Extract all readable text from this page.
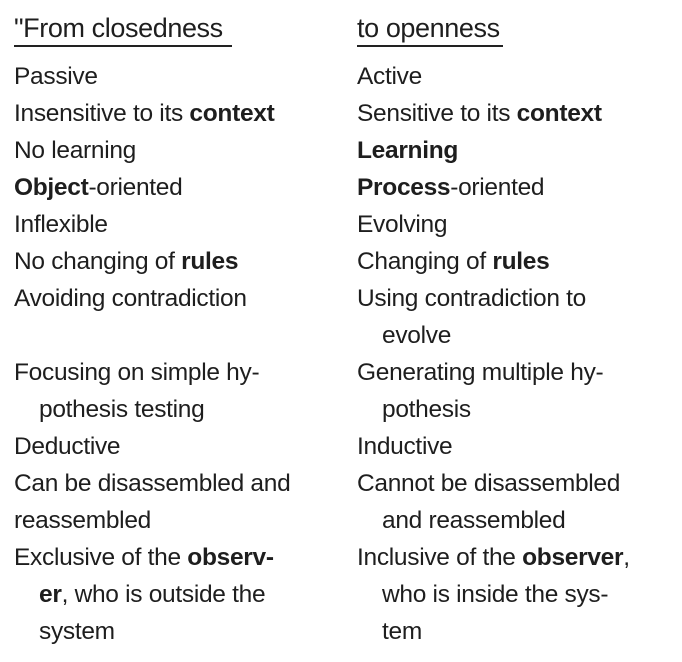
"From closedness
Passive
Insensitive to its context
No learning
Object-oriented
Inflexible
No changing of rules
Avoiding contradiction
Focusing on simple hy-
pothesis testing
Deductive
Can be disassembled and
reassembled
Exclusive of the observ-
er, who is outside the
system
to openness
Active
Sensitive to its context
Learning
Process-oriented
Evolving
Changing of rules
Using contradiction to
evolve
Generating multiple hy-
pothesis
Inductive
Cannot be disassembled
and reassembled
Inclusive of the observer,
who is inside the sys-
tem
